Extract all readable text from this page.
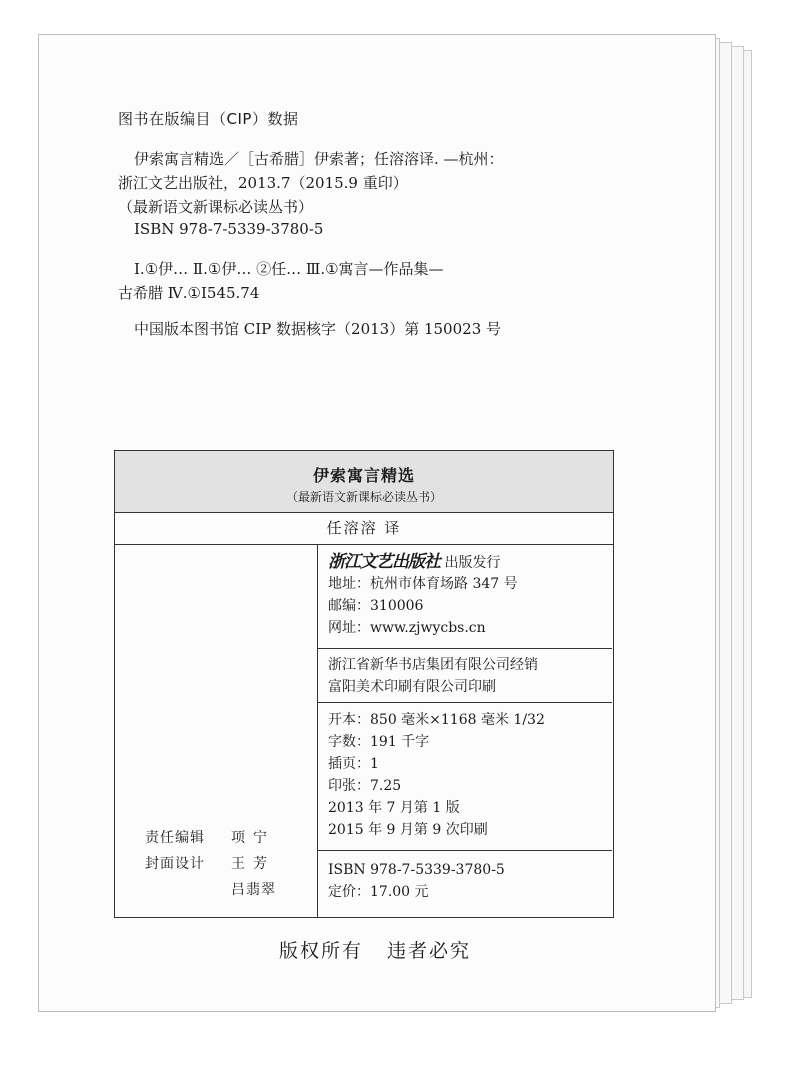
图书在版编目（CIP）数据
伊索寓言精选／［古希腊］伊索著；任溶溶译. —杭州：
浙江文艺出版社，2013.7（2015.9 重印）
（最新语文新课标必读丛书）
ISBN 978-7-5339-3780-5
Ⅰ.①伊… Ⅱ.①伊… ②任… Ⅲ.①寓言—作品集—
古希腊 Ⅳ.①I545.74
中国版本图书馆 CIP 数据核字（2013）第 150023 号
伊索寓言精选
（最新语文新课标必读丛书）
任溶溶 译
责任编辑 项宁
封面设计 王芳
吕翡翠
浙江文艺出版社 出版发行
地址：杭州市体育场路 347 号
邮编：310006
网址：www.zjwycbs.cn
浙江省新华书店集团有限公司经销
富阳美术印刷有限公司印刷
开本：850 毫米×1168 毫米 1/32
字数：191 千字
插页：1
印张：7.25
2013 年 7 月第 1 版
2015 年 9 月第 9 次印刷
ISBN 978-7-5339-3780-5
定价：17.00 元
版权所有 违者必究
